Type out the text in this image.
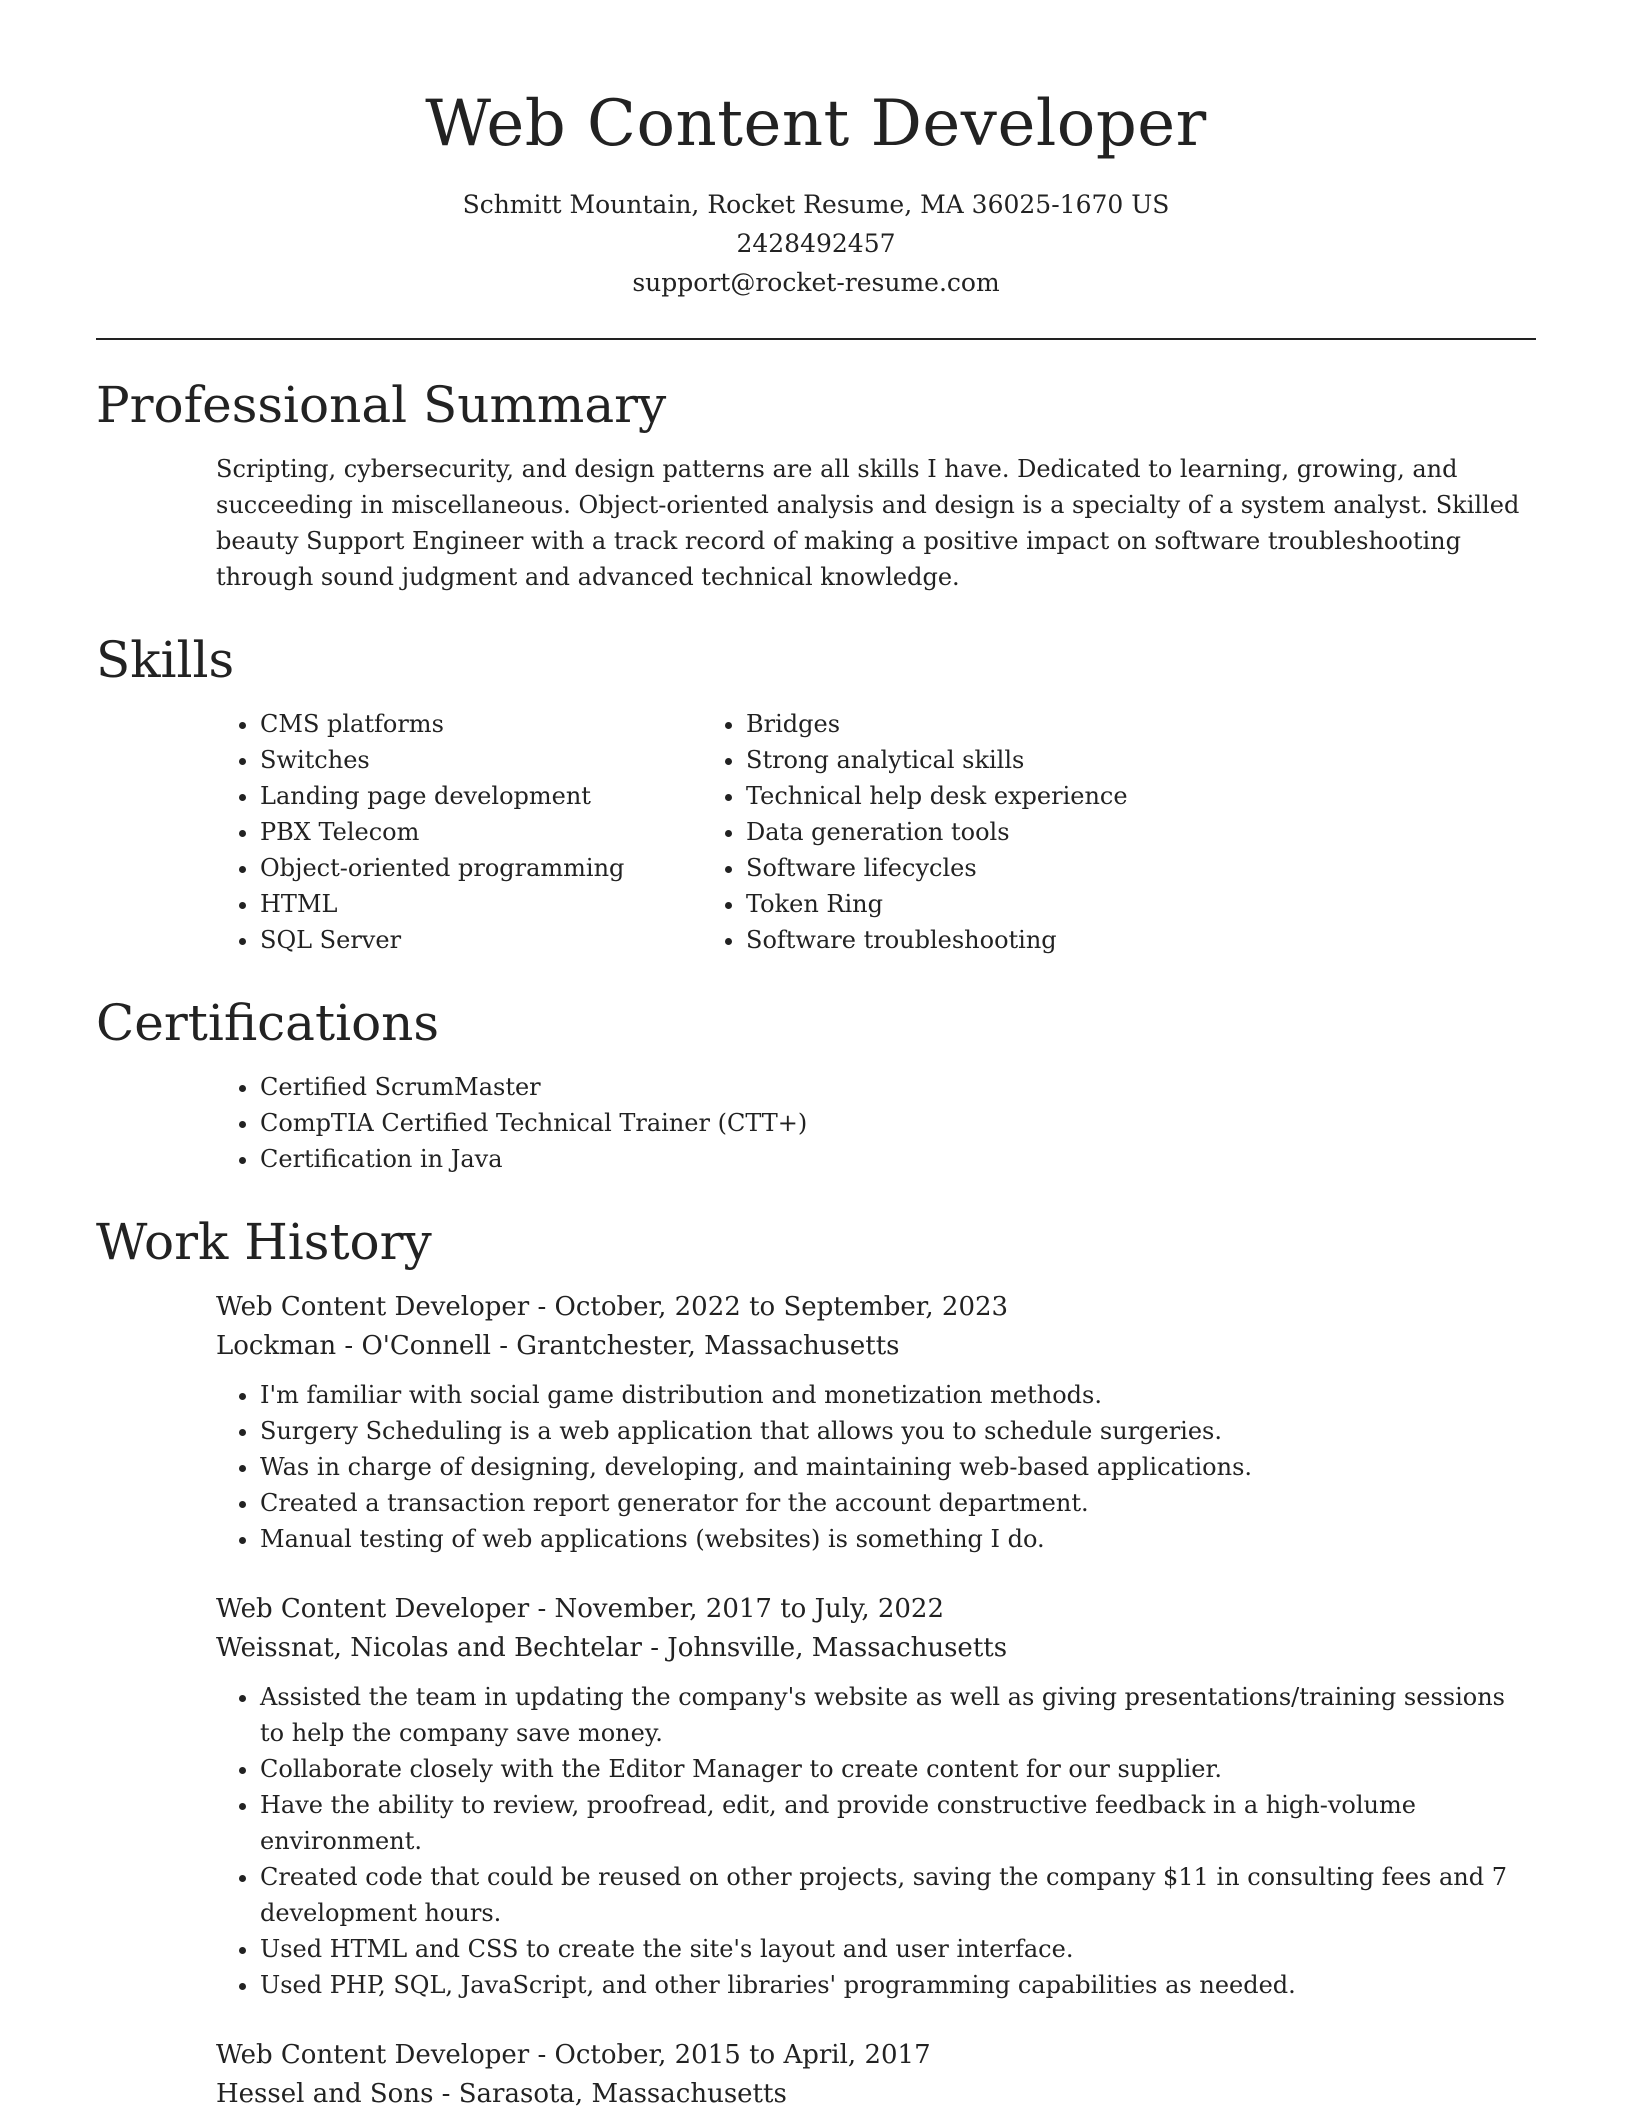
Web Content Developer

Schmitt Mountain, Rocket Resume, MA 36025-1670 US

2428492457

support@rocket-resume.com

Professional Summary

Scripting, cybersecurity, and design patterns are all skills I have. Dedicated to learning, growing, and succeeding in miscellaneous. Object-oriented analysis and design is a specialty of a system analyst. Skilled beauty Support Engineer with a track record of making a positive impact on software troubleshooting through sound judgment and advanced technical knowledge.

Skills
• CMS platforms
• Switches
• Landing page development
• PBX Telecom
• Object-oriented programming
• HTML
• SQL Server
• Bridges
• Strong analytical skills
• Technical help desk experience
• Data generation tools
• Software lifecycles
• Token Ring
• Software troubleshooting
Certifications
• Certified ScrumMaster
• CompTIA Certified Technical Trainer (CTT+)
• Certification in Java
Work History
Web Content Developer - October, 2022 to September, 2023
Lockman - O'Connell - Grantchester, Massachusetts
• I'm familiar with social game distribution and monetization methods.
• Surgery Scheduling is a web application that allows you to schedule surgeries.
• Was in charge of designing, developing, and maintaining web-based applications.
• Created a transaction report generator for the account department.
• Manual testing of web applications (websites) is something I do.
Web Content Developer - November, 2017 to July, 2022
Weissnat, Nicolas and Bechtelar - Johnsville, Massachusetts
• Assisted the team in updating the company's website as well as giving presentations/training sessions to help the company save money.
• Collaborate closely with the Editor Manager to create content for our supplier.
• Have the ability to review, proofread, edit, and provide constructive feedback in a high-volume environment.
• Created code that could be reused on other projects, saving the company $11 in consulting fees and 7 development hours.
• Used HTML and CSS to create the site's layout and user interface.
• Used PHP, SQL, JavaScript, and other libraries' programming capabilities as needed.
Web Content Developer - October, 2015 to April, 2017
Hessel and Sons - Sarasota, Massachusetts
